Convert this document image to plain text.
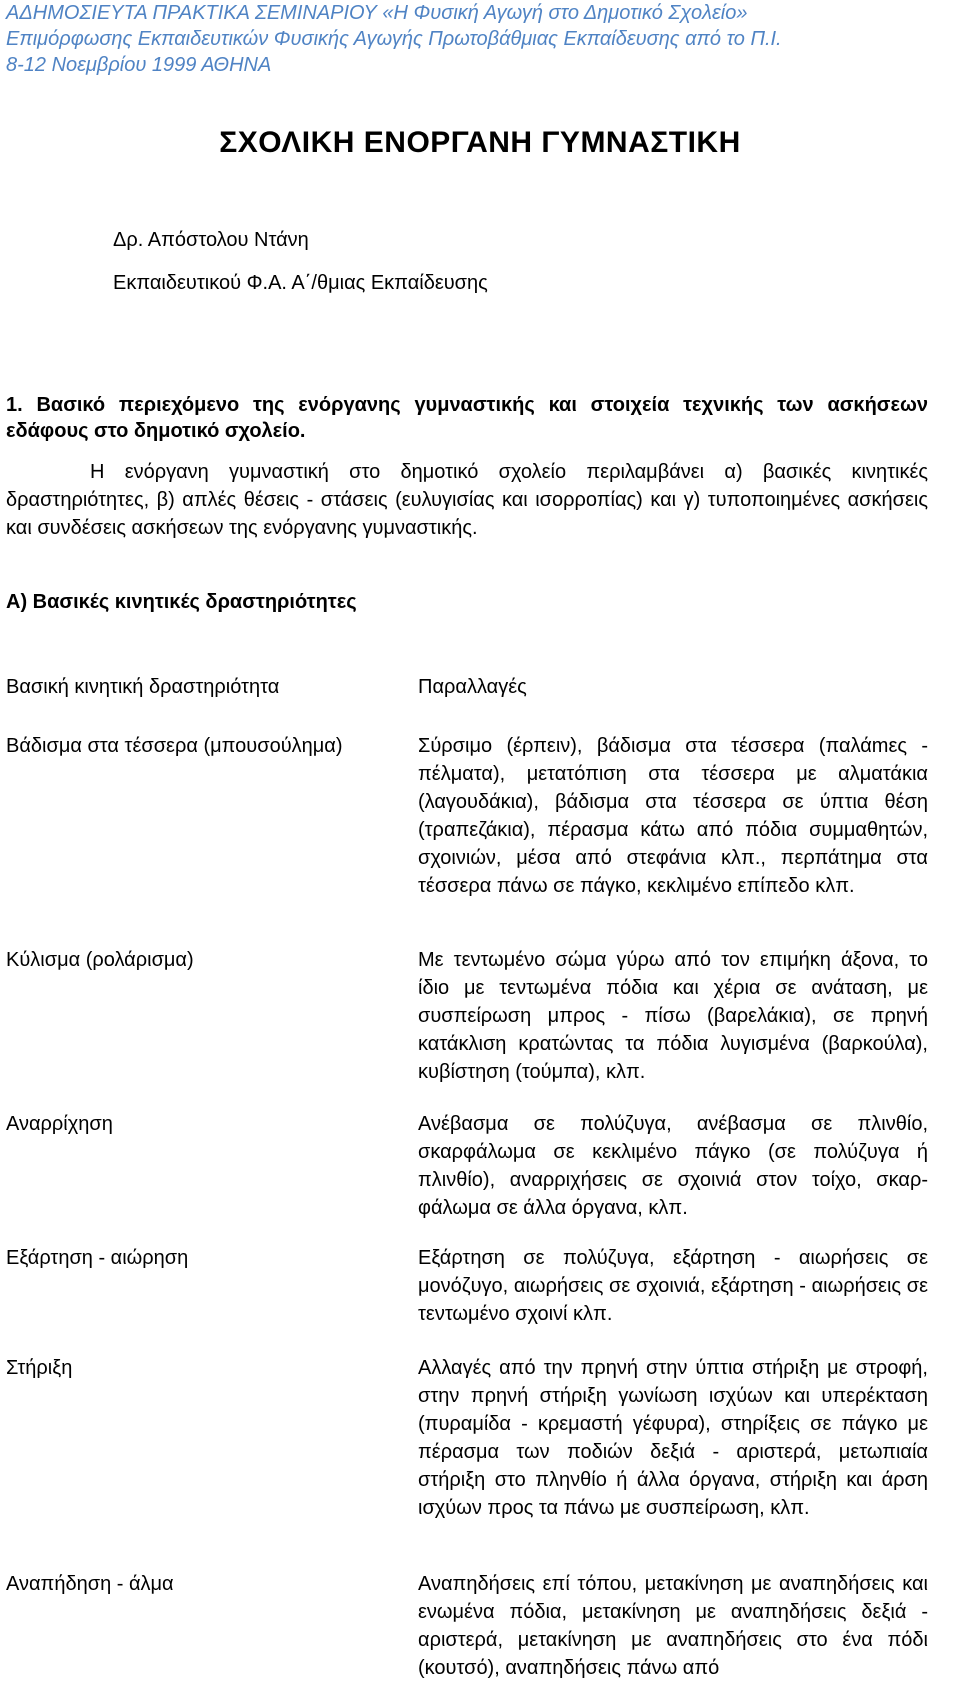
ΑΔΗΜΟΣΙΕΥΤΑ ΠΡΑΚΤΙΚΑ ΣΕΜΙΝΑΡΙΟΥ «Η Φυσική Αγωγή στο Δημοτικό Σχολείο»
Επιμόρφωσης Εκπαιδευτικών Φυσικής Αγωγής Πρωτοβάθμιας Εκπαίδευσης από το Π.Ι.
8-12 Νοεμβρίου 1999 ΑΘΗΝΑ
ΣΧΟΛΙΚΗ ΕΝΟΡΓΑΝΗ ΓΥΜΝΑΣΤΙΚΗ
Δρ. Απόστολου Ντάνη
Εκπαιδευτικού Φ.Α. Α΄/θμιας Εκπαίδευσης
1. Βασικό περιεχόμενο της ενόργανης γυμναστικής και στοιχεία τεχνικής των ασκήσεων εδάφους στο δημοτικό σχολείο.
Η ενόργανη γυμναστική στο δημοτικό σχολείο περιλαμβάνει α) βασικές κινητικές δραστηριότητες, β) απλές θέσεις - στάσεις (ευλυγισίας και ισορροπίας) και γ) τυποποιημένες ασκήσεις και συνδέσεις ασκήσεων της ενόργανης γυμναστικής.
Α) Βασικές κινητικές δραστηριότητες
Βασική κινητική δραστηριότητα	Παραλλαγές
Βάδισμα στα τέσσερα (μπουσούλημα)	Σύρσιμο (έρπειν), βάδισμα στα τέσσερα (παλάmες - πέλματα), μετατόπιση στα τέσσερα με αλματάκια (λαγουδάκια), βάδισμα στα τέσσερα σε ύπτια θέση (τραπεζάκια), πέρασμα κάτω από πόδια συμμαθητών, σχοινιών, μέσα από στεφάνια κλπ., περπάτημα στα τέσσερα πάνω σε πάγκο, κεκλιμένο επίπεδο κλπ.
Κύλισμα (ρολάρισμα)	Με τεντωμένο σώμα γύρω από τον επιμήκη άξονα, το ίδιο με τεντωμένα πόδια και χέρια σε ανάταση, με συσπείρωση μπρος - πίσω (βαρελάκια), σε πρηνή κατάκλιση κρατώντας τα πόδια λυγισμένα (βαρκούλα), κυβίστηση (τούμπα), κλπ.
Αναρρίχηση	Ανέβασμα σε πολύζυγα, ανέβασμα σε πλινθίο, σκαρφάλωμα σε κεκλιμένο πάγκο (σε πολύζυγα ή πλινθίο), αναρριχήσεις σε σχοινιά στον τοίχο, σκαρφάλωμα σε άλλα όργανα, κλπ.
Εξάρτηση - αιώρηση	Εξάρτηση σε πολύζυγα, εξάρτηση - αιωρήσεις σε μονόζυγο, αιωρήσεις σε σχοινιά, εξάρτηση - αιωρήσεις σε τεντωμένο σχοινί κλπ.
Στήριξη	Αλλαγές από την πρηνή στην ύπτια στήριξη με στροφή, στην πρηνή στήριξη γωνίωση ισχύων και υπερέκταση (πυραμίδα - κρεμαστή γέφυρα), στηρίξεις σε πάγκο με πέρασμα των ποδιών δεξιά - αριστερά, μετωπιαία στήριξη στο πληνθίο ή άλλα όργανα, στήριξη και άρση ισχύων προς τα πάνω με συσπείρωση, κλπ.
Αναπήδηση - άλμα	Αναπηδήσεις επί τόπου, μετακίνηση με αναπηδήσεις και ενωμένα πόδια, μετακίνηση με αναπηδήσεις δεξιά - αριστερά, μετακίνηση με αναπηδήσεις στο ένα πόδι (κουτσό), αναπηδήσεις πάνω από
